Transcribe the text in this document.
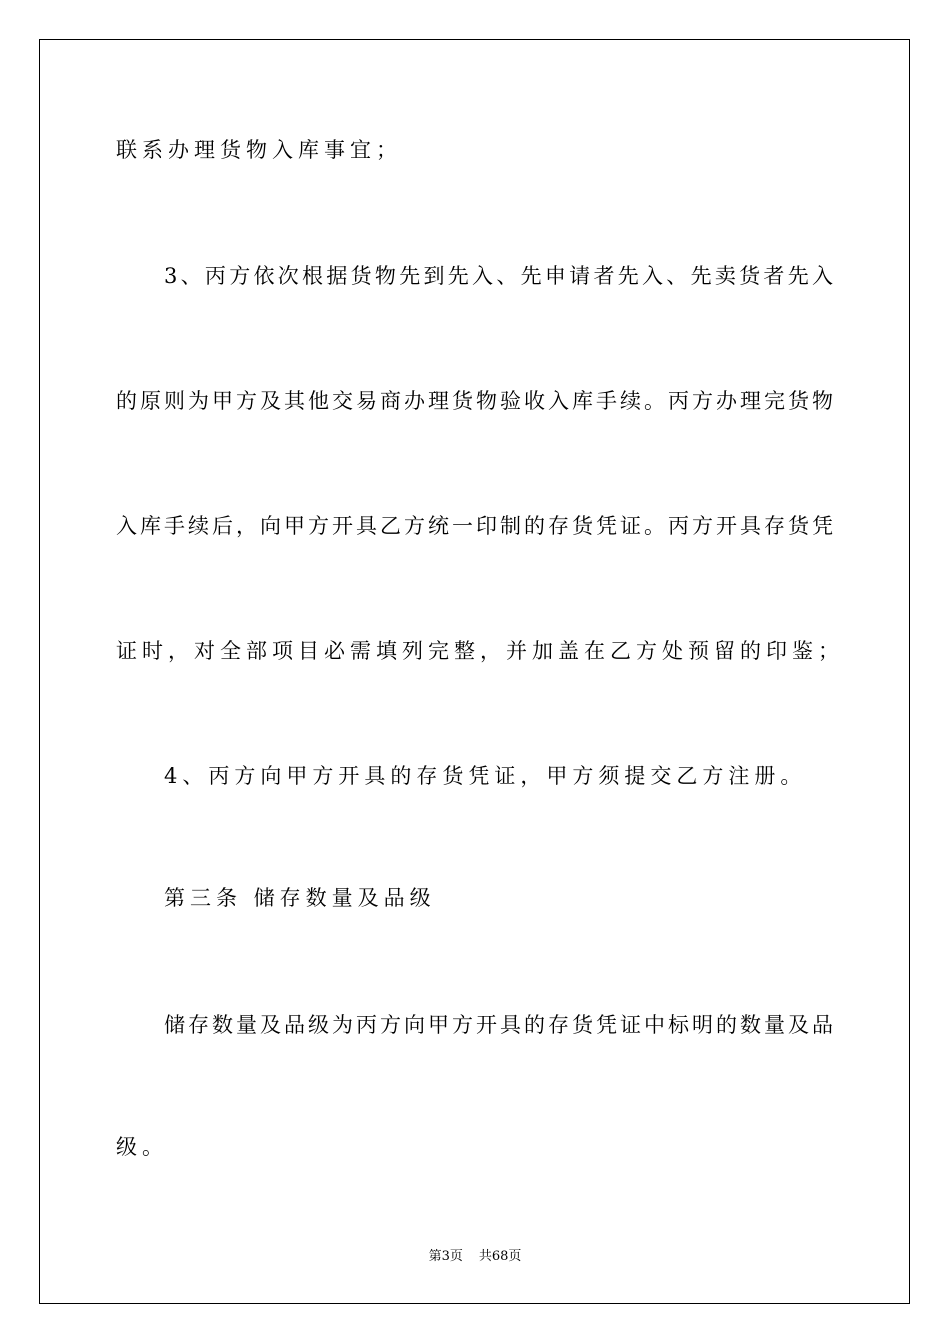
联系办理货物入库事宜；
3、丙方依次根据货物先到先入、先申请者先入、先卖货者先入
的原则为甲方及其他交易商办理货物验收入库手续。丙方办理完货物
入库手续后，向甲方开具乙方统一印制的存货凭证。丙方开具存货凭
证时，对全部项目必需填列完整，并加盖在乙方处预留的印鉴；
4、丙方向甲方开具的存货凭证，甲方须提交乙方注册。
第三条 储存数量及品级
储存数量及品级为丙方向甲方开具的存货凭证中标明的数量及品
级。
第3页 共68页
